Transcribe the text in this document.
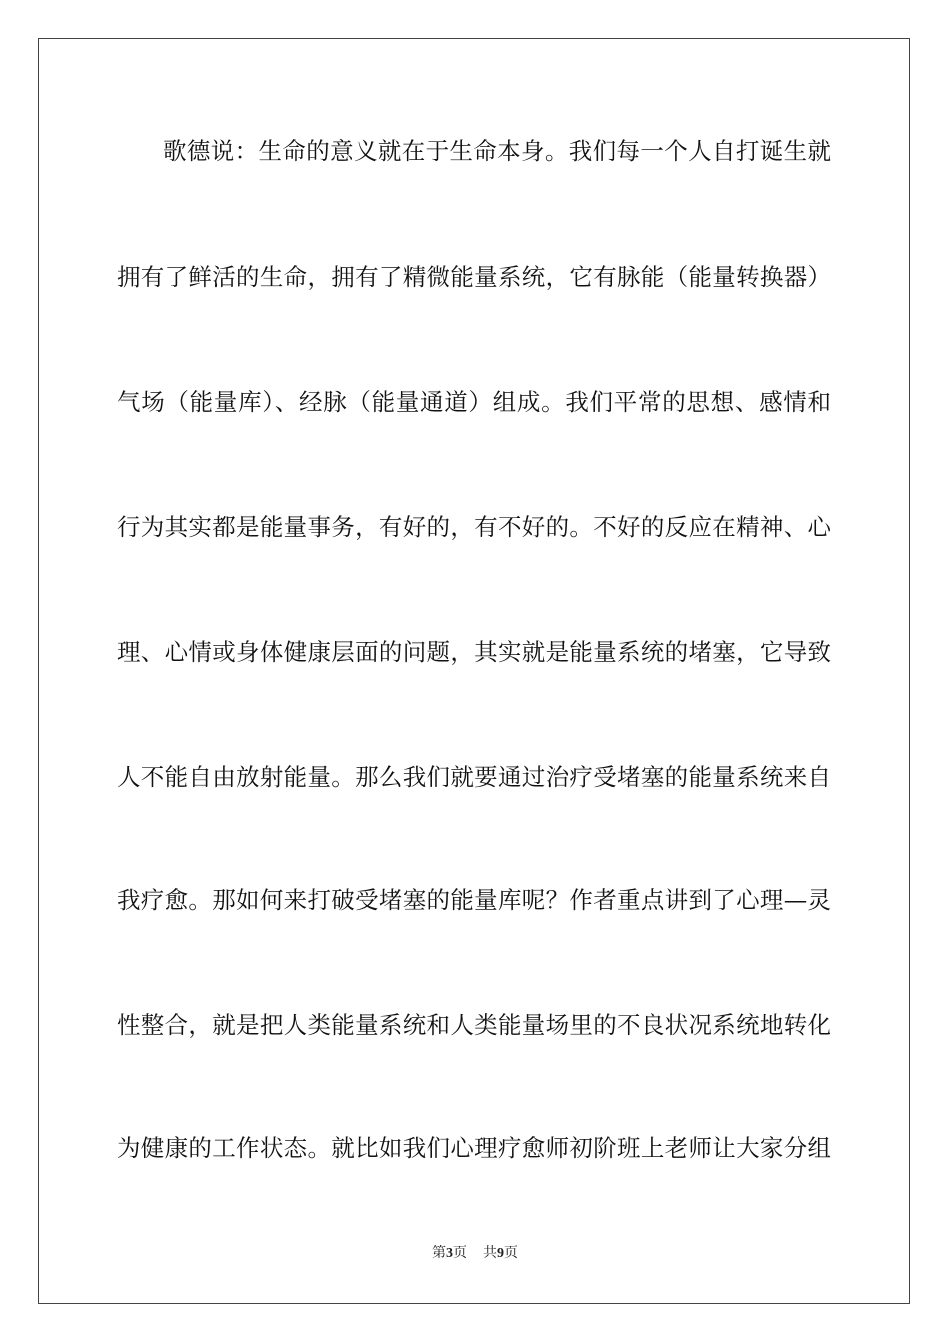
歌德说：生命的意义就在于生命本身。我们每一个人自打诞生就
拥有了鲜活的生命，拥有了精微能量系统，它有脉能（能量转换器）
气场（能量库）、经脉（能量通道）组成。我们平常的思想、感情和
行为其实都是能量事务，有好的，有不好的。不好的反应在精神、心
理、心情或身体健康层面的问题，其实就是能量系统的堵塞，它导致
人不能自由放射能量。那么我们就要通过治疗受堵塞的能量系统来自
我疗愈。那如何来打破受堵塞的能量库呢？作者重点讲到了心理—灵
性整合，就是把人类能量系统和人类能量场里的不良状况系统地转化
为健康的工作状态。就比如我们心理疗愈师初阶班上老师让大家分组
第3页 共9页
